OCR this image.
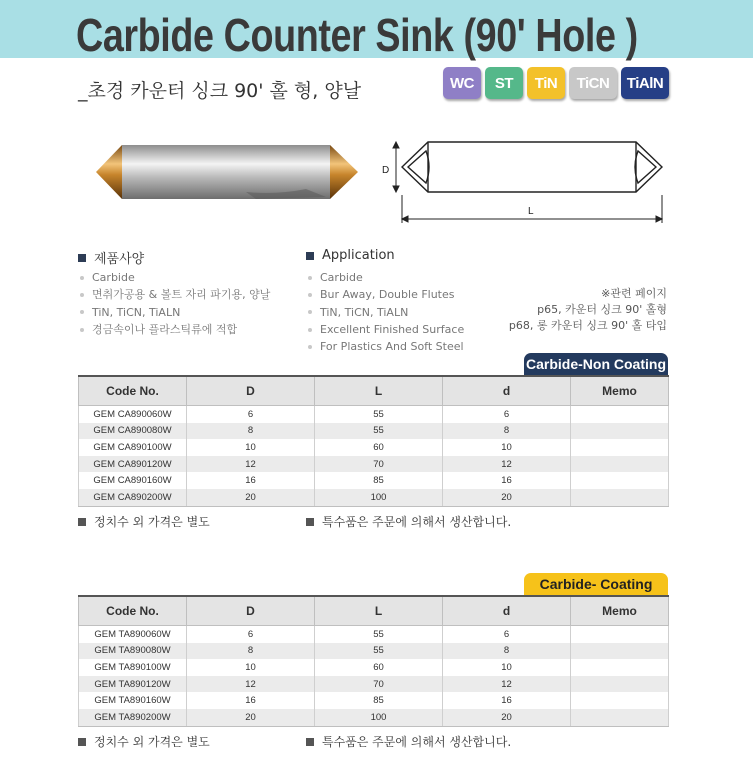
Carbide Counter Sink (90' Hole )
_초경 카운터 싱크 90' 홀 형, 양날	WC	ST	TiN	TiCN	TiAlN
D
L
제품사양
Carbide
면취가공용 & 볼트 자리 파기용, 양날
TiN, TiCN, TiALN
경금속이나 플라스틱류에 적합
Application
Carbide
Bur Away, Double Flutes
TiN, TiCN, TiALN
Excellent Finished Surface
For Plastics And Soft Steel
※관련 페이지
p65, 카운터 싱크 90' 홀형
p68, 롱 카운터 싱크 90' 홀 타입
Carbide-Non Coating
Code No.	D	L	d	Memo
GEM CA890060W	6	55	6	
GEM CA890080W	8	55	8	
GEM CA890100W	10	60	10	
GEM CA890120W	12	70	12	
GEM CA890160W	16	85	16	
GEM CA890200W	20	100	20	
정치수 외 가격은 별도	특수품은 주문에 의해서 생산합니다.
Carbide- Coating
Code No.	D	L	d	Memo
GEM TA890060W	6	55	6	
GEM TA890080W	8	55	8	
GEM TA890100W	10	60	10	
GEM TA890120W	12	70	12	
GEM TA890160W	16	85	16	
GEM TA890200W	20	100	20	
정치수 외 가격은 별도	특수품은 주문에 의해서 생산합니다.
